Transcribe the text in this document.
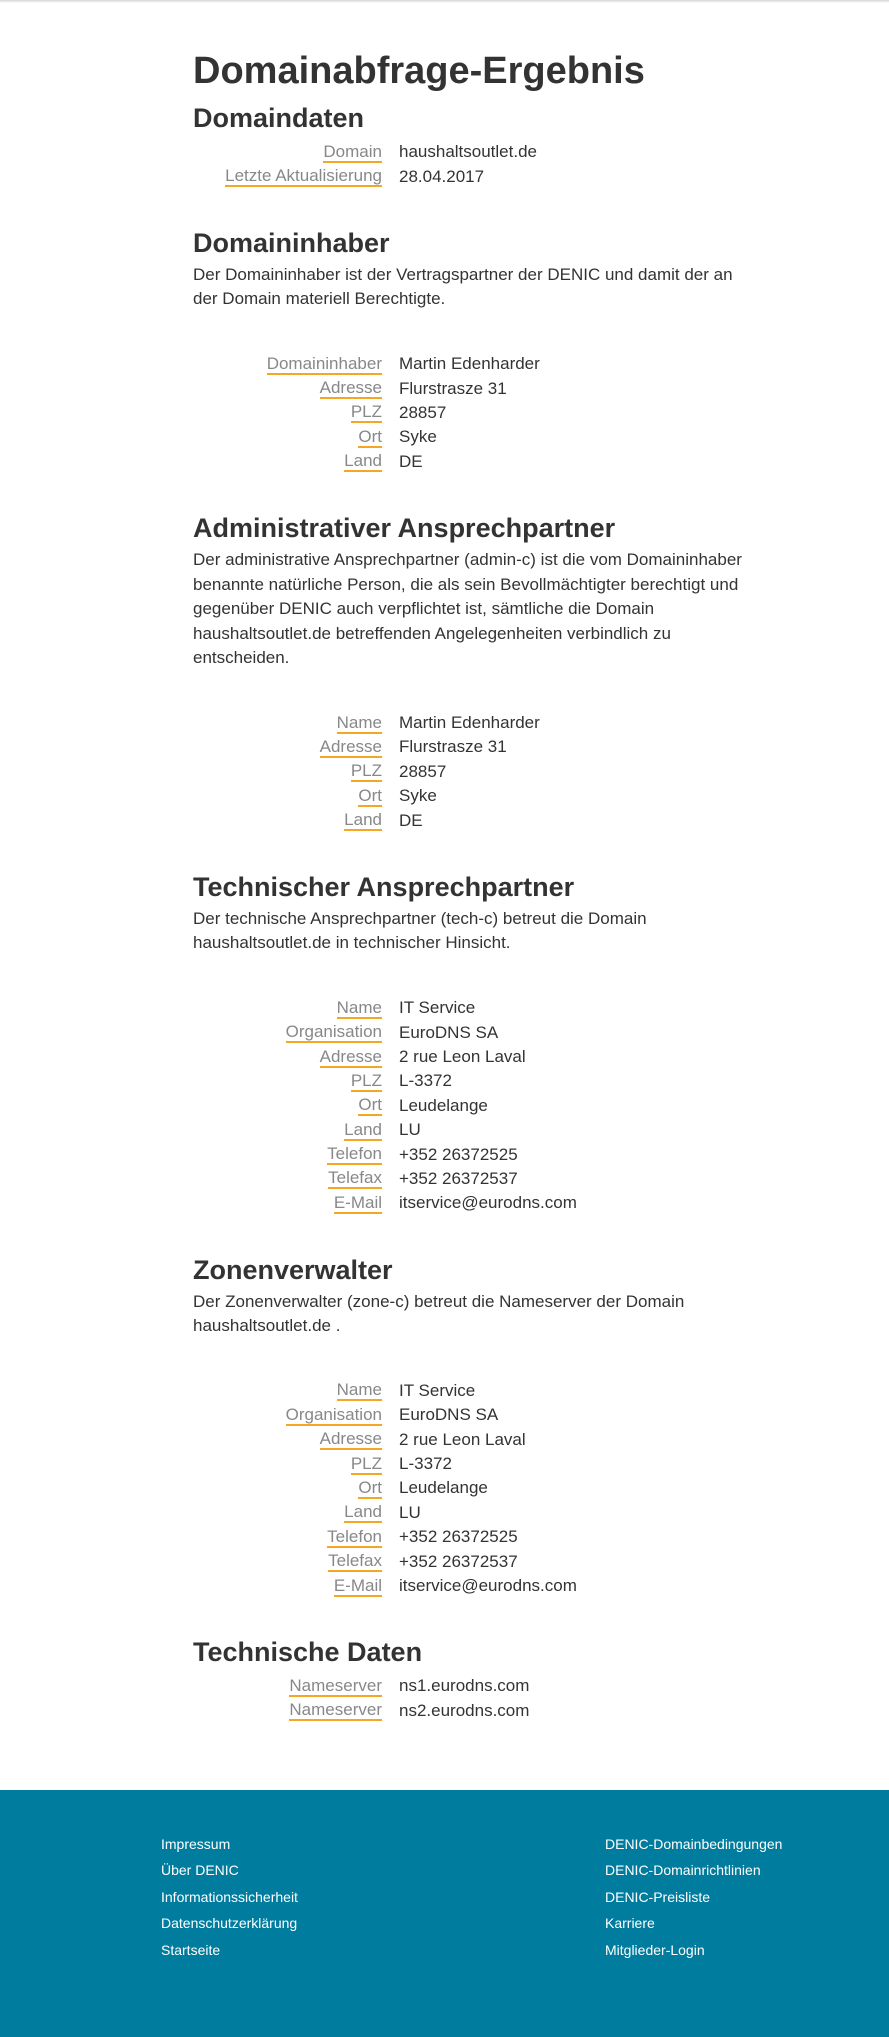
Domainabfrage-Ergebnis
Domaindaten
Domain	haushaltsoutlet.de
Letzte Aktualisierung	28.04.2017
Domaininhaber

Der Domaininhaber ist der Vertragspartner der DENIC und damit der an der Domain materiell Berechtigte.

Domaininhaber	Martin Edenharder
Adresse	Flurstrasze 31
PLZ	28857
Ort	Syke
Land	DE
Administrativer Ansprechpartner

Der administrative Ansprechpartner (admin-c) ist die vom Domaininhaber benannte natürliche Person, die als sein Bevollmächtigter berechtigt und gegenüber DENIC auch verpflichtet ist, sämtliche die Domain haushaltsoutlet.de betreffenden Angelegenheiten verbindlich zu entscheiden.

Name	Martin Edenharder
Adresse	Flurstrasze 31
PLZ	28857
Ort	Syke
Land	DE
Technischer Ansprechpartner

Der technische Ansprechpartner (tech-c) betreut die Domain haushaltsoutlet.de in technischer Hinsicht.

Name	IT Service
Organisation	EuroDNS SA
Adresse	2 rue Leon Laval
PLZ	L-3372
Ort	Leudelange
Land	LU
Telefon	+352 26372525
Telefax	+352 26372537
E-Mail	itservice@eurodns.com
Zonenverwalter

Der Zonenverwalter (zone-c) betreut die Nameserver der Domain haushaltsoutlet.de .

Name	IT Service
Organisation	EuroDNS SA
Adresse	2 rue Leon Laval
PLZ	L-3372
Ort	Leudelange
Land	LU
Telefon	+352 26372525
Telefax	+352 26372537
E-Mail	itservice@eurodns.com
Technische Daten
Nameserver	ns1.eurodns.com
Nameserver	ns2.eurodns.com
Impressum
Über DENIC
Informationssicherheit
Datenschutzerklärung
Startseite
DENIC-Domainbedingungen
DENIC-Domainrichtlinien
DENIC-Preisliste
Karriere
Mitglieder-Login
